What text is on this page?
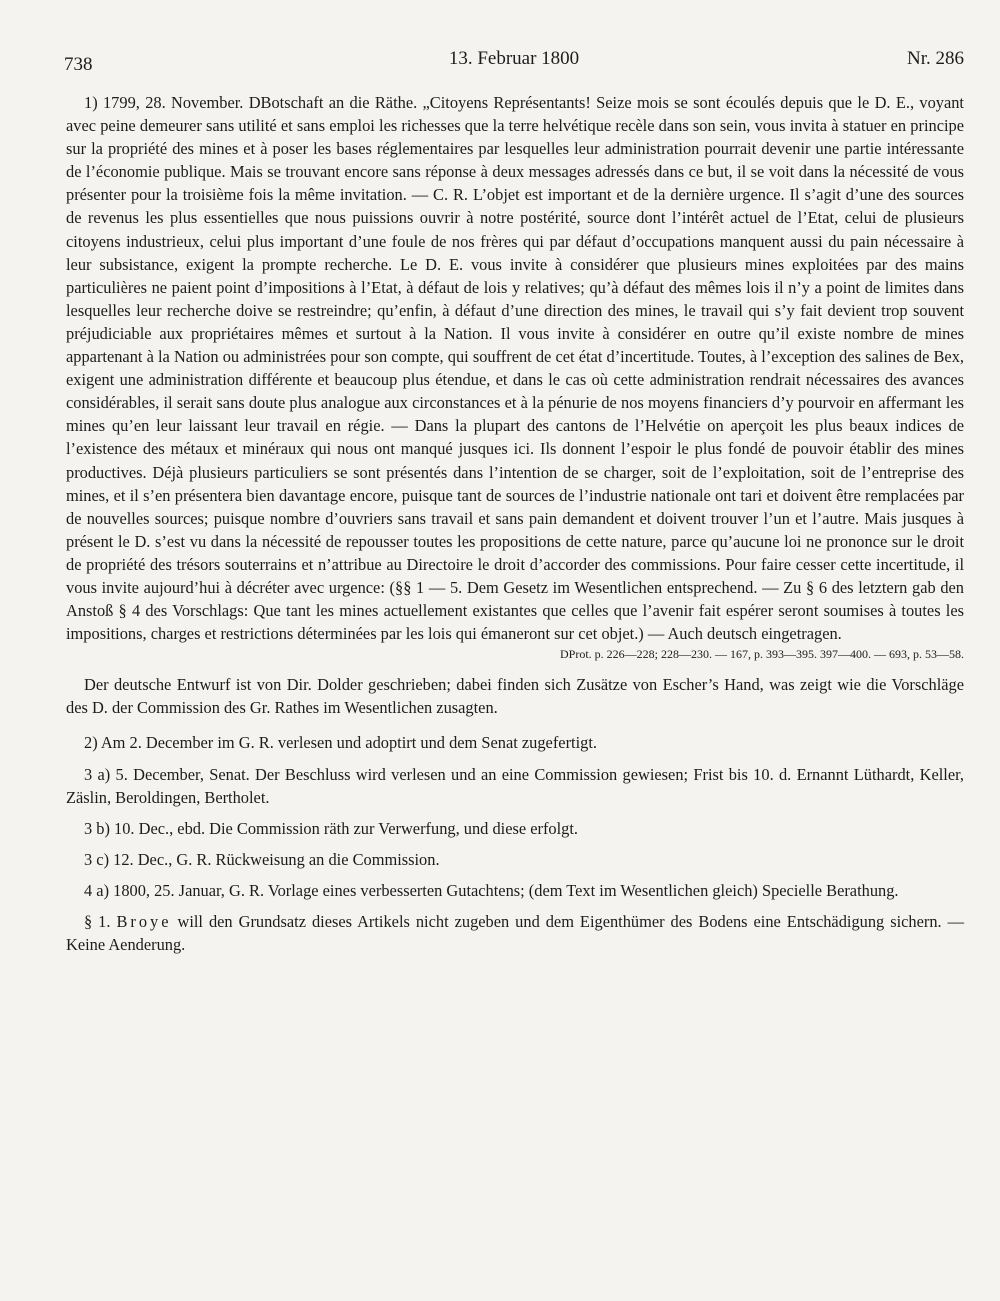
738	13. Februar 1800	Nr. 286

1) 1799, 28. November. DBotschaft an die Räthe. „Citoyens Représentants! Seize mois se sont écoulés depuis que le D. E., voyant avec peine demeurer sans utilité et sans emploi les richesses que la terre helvétique recèle dans son sein, vous invita à statuer en principe sur la propriété des mines et à poser les bases réglementaires par lesquelles leur administration pourrait devenir une partie intéressante de l’économie publique. Mais se trouvant encore sans réponse à deux messages adressés dans ce but, il se voit dans la nécessité de vous présenter pour la troisième fois la même invitation. — C. R. L’objet est important et de la dernière urgence. Il s’agit d’une des sources de revenus les plus essentielles que nous puissions ouvrir à notre postérité, source dont l’intérêt actuel de l’Etat, celui de plusieurs citoyens industrieux, celui plus important d’une foule de nos frères qui par défaut d’occupations manquent aussi du pain nécessaire à leur subsistance, exigent la prompte recherche. Le D. E. vous invite à considérer que plusieurs mines exploitées par des mains particulières ne paient point d’impositions à l’Etat, à défaut de lois y relatives; qu’à défaut des mêmes lois il n’y a point de limites dans lesquelles leur recherche doive se restreindre; qu’enfin, à défaut d’une direction des mines, le travail qui s’y fait devient trop souvent préjudiciable aux propriétaires mêmes et surtout à la Nation. Il vous invite à considérer en outre qu’il existe nombre de mines appartenant à la Nation ou administrées pour son compte, qui souffrent de cet état d’incertitude. Toutes, à l’exception des salines de Bex, exigent une administration différente et beaucoup plus étendue, et dans le cas où cette administration rendrait nécessaires des avances considérables, il serait sans doute plus analogue aux circonstances et à la pénurie de nos moyens financiers d’y pourvoir en affermant les mines qu’en leur laissant leur travail en régie. — Dans la plupart des cantons de l’Helvétie on aperçoit les plus beaux indices de l’existence des métaux et minéraux qui nous ont manqué jusques ici. Ils donnent l’espoir le plus fondé de pouvoir établir des mines productives. Déjà plusieurs particuliers se sont présentés dans l’intention de se charger, soit de l’exploitation, soit de l’entreprise des mines, et il s’en présentera bien davantage encore, puisque tant de sources de l’industrie nationale ont tari et doivent être remplacées par de nouvelles sources; puisque nombre d’ouvriers sans travail et sans pain demandent et doivent trouver l’un et l’autre. Mais jusques à présent le D. s’est vu dans la nécessité de repousser toutes les propositions de cette nature, parce qu’aucune loi ne prononce sur le droit de propriété des trésors souterrains et n’attribue au Directoire le droit d’accorder des commissions. Pour faire cesser cette incertitude, il vous invite aujourd’hui à décréter avec urgence: (§§ 1 — 5. Dem Gesetz im Wesentlichen entsprechend. — Zu § 6 des letztern gab den Anstoß § 4 des Vorschlags: Que tant les mines actuellement existantes que celles que l’avenir fait espérer seront soumises à toutes les impositions, charges et restrictions déterminées par les lois qui émaneront sur cet objet.) — Auch deutsch eingetragen.

DProt. p. 226—228; 228—230. — 167, p. 393—395. 397—400. — 693, p. 53—58.

Der deutsche Entwurf ist von Dir. Dolder geschrieben; dabei finden sich Zusätze von Escher’s Hand, was zeigt wie die Vorschläge des D. der Commission des Gr. Rathes im Wesentlichen zusagten.

2) Am 2. December im G. R. verlesen und adoptirt und dem Senat zugefertigt.

3 a) 5. December, Senat. Der Beschluss wird verlesen und an eine Commission gewiesen; Frist bis 10. d. Ernannt Lüthardt, Keller, Zäslin, Beroldingen, Bertholet.

3 b) 10. Dec., ebd. Die Commission räth zur Verwerfung, und diese erfolgt.

3 c) 12. Dec., G. R. Rückweisung an die Commission.

4 a) 1800, 25. Januar, G. R. Vorlage eines verbesserten Gutachtens; (dem Text im Wesentlichen gleich) Specielle Berathung.

§ 1. Broye will den Grundsatz dieses Artikels nicht zugeben und dem Eigenthümer des Bodens eine Entschädigung sichern. — Keine Aenderung.
